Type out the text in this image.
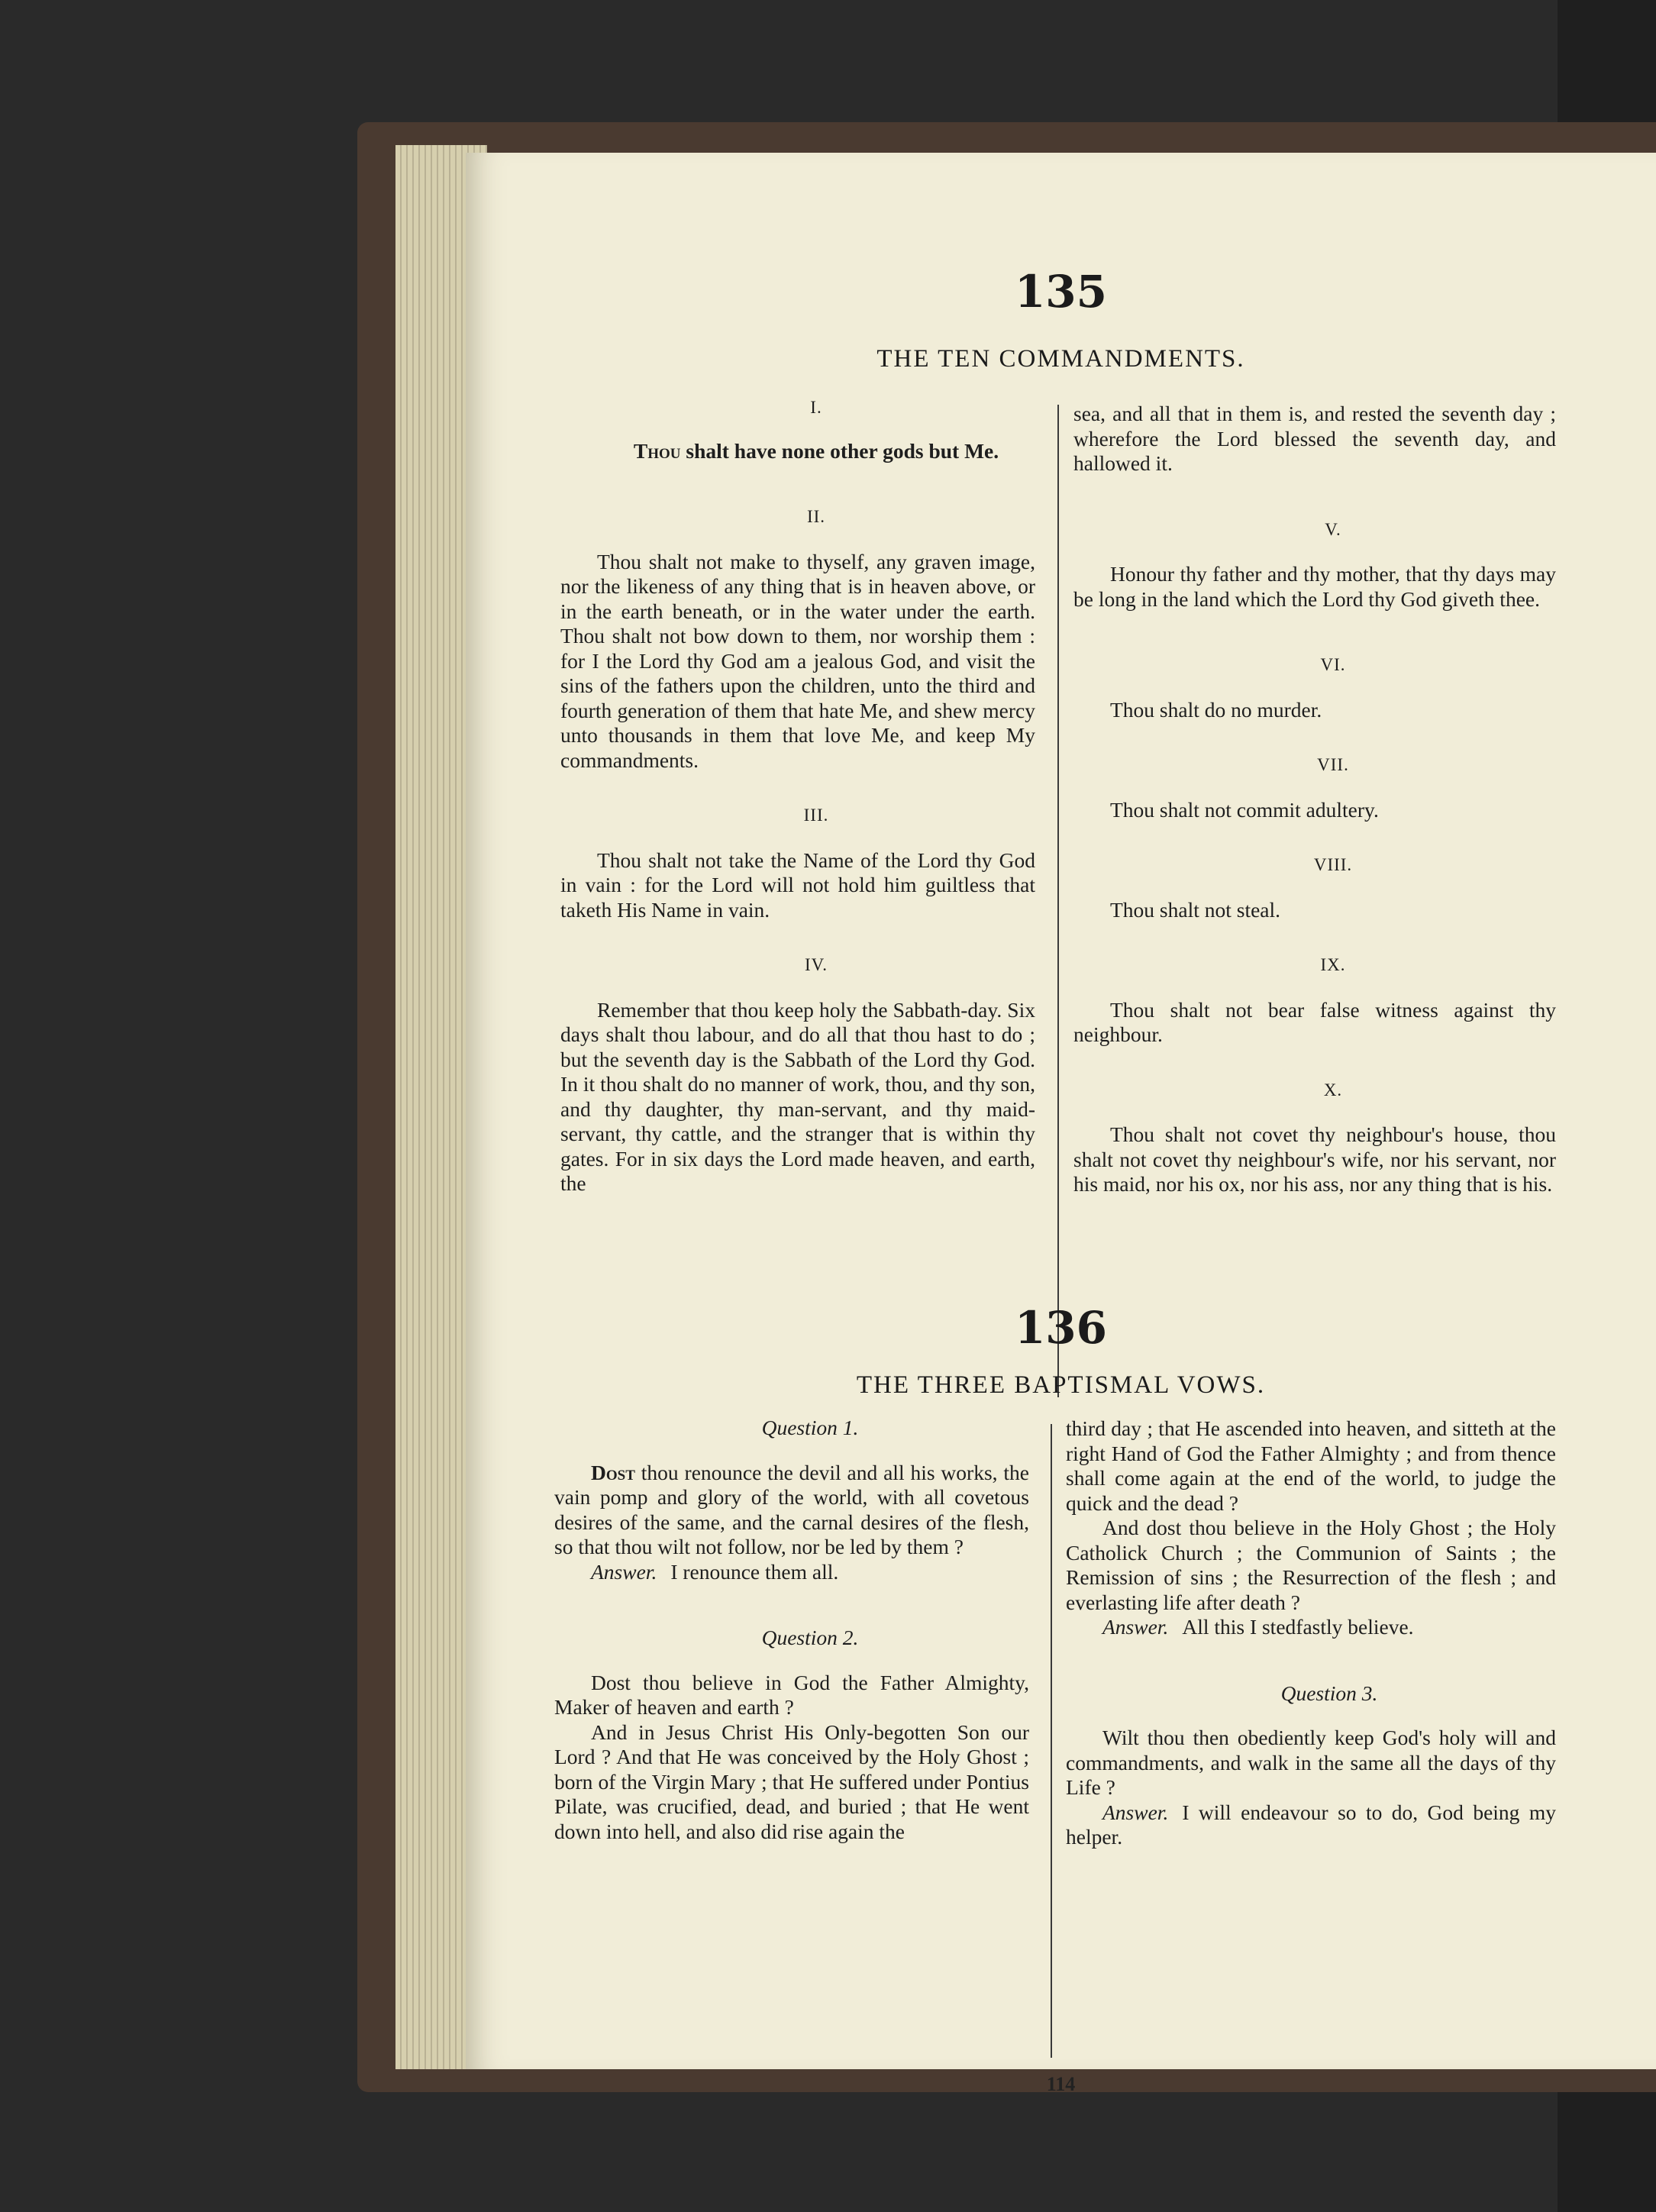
135
THE TEN COMMANDMENTS.

I.

Thou shalt have none other gods but Me.

II.

Thou shalt not make to thyself, any graven image, nor the likeness of any thing that is in heaven above, or in the earth beneath, or in the water under the earth. Thou shalt not bow down to them, nor worship them : for I the Lord thy God am a jealous God, and visit the sins of the fathers upon the children, unto the third and fourth generation of them that hate Me, and shew mercy unto thousands in them that love Me, and keep My commandments.

III.

Thou shalt not take the Name of the Lord thy God in vain : for the Lord will not hold him guiltless that taketh His Name in vain.

IV.

Remember that thou keep holy the Sabbath-day. Six days shalt thou labour, and do all that thou hast to do ; but the seventh day is the Sabbath of the Lord thy God. In it thou shalt do no manner of work, thou, and thy son, and thy daughter, thy man-servant, and thy maid-servant, thy cattle, and the stranger that is within thy gates. For in six days the Lord made heaven, and earth, the

sea, and all that in them is, and rested the seventh day ; wherefore the Lord blessed the seventh day, and hallowed it.

V.

Honour thy father and thy mother, that thy days may be long in the land which the Lord thy God giveth thee.

VI.

Thou shalt do no murder.

VII.

Thou shalt not commit adultery.

VIII.

Thou shalt not steal.

IX.

Thou shalt not bear false witness against thy neighbour.

X.

Thou shalt not covet thy neighbour's house, thou shalt not covet thy neighbour's wife, nor his servant, nor his maid, nor his ox, nor his ass, nor any thing that is his.

136
THE THREE BAPTISMAL VOWS.

Question 1.

Dost thou renounce the devil and all his works, the vain pomp and glory of the world, with all covetous desires of the same, and the carnal desires of the flesh, so that thou wilt not follow, nor be led by them ?

Answer. I renounce them all.

Question 2.

Dost thou believe in God the Father Almighty, Maker of heaven and earth ?

And in Jesus Christ His Only-begotten Son our Lord ? And that He was conceived by the Holy Ghost ; born of the Virgin Mary ; that He suffered under Pontius Pilate, was crucified, dead, and buried ; that He went down into hell, and also did rise again the

third day ; that He ascended into heaven, and sitteth at the right Hand of God the Father Almighty ; and from thence shall come again at the end of the world, to judge the quick and the dead ?

And dost thou believe in the Holy Ghost ; the Holy Catholick Church ; the Communion of Saints ; the Remission of sins ; the Resurrection of the flesh ; and everlasting life after death ?

Answer. All this I stedfastly believe.

Question 3.

Wilt thou then obediently keep God's holy will and commandments, and walk in the same all the days of thy Life ?

Answer. I will endeavour so to do, God being my helper.

114
